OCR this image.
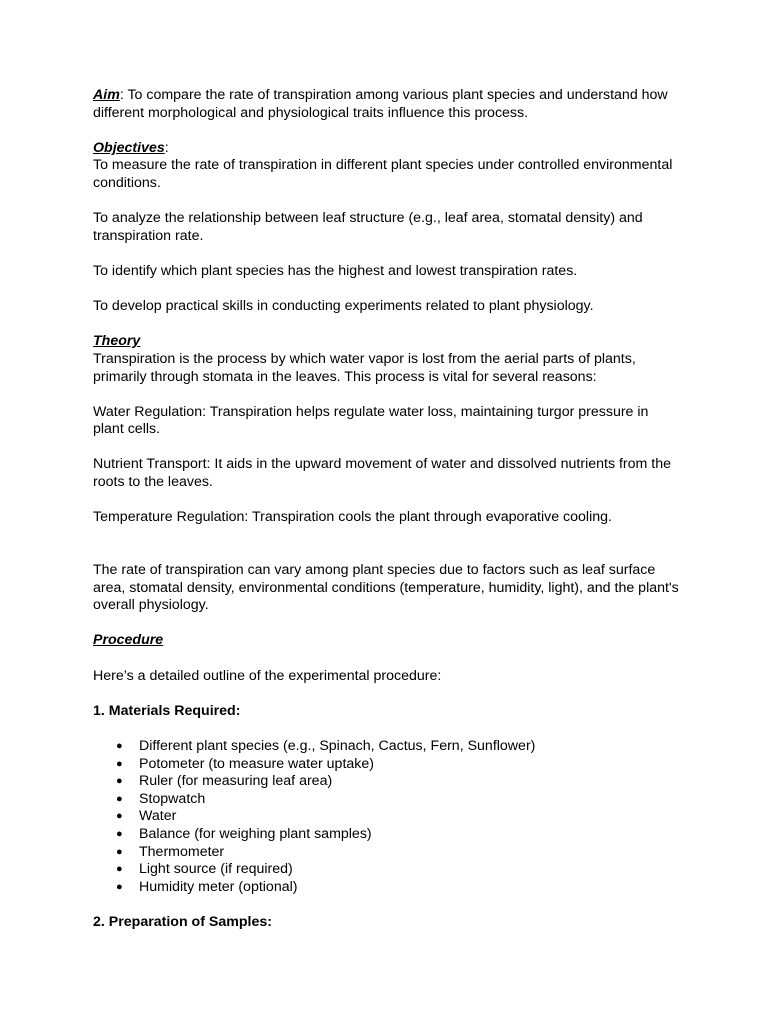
Aim: To compare the rate of transpiration among various plant species and understand how different morphological and physiological traits influence this process.

Objectives:

To measure the rate of transpiration in different plant species under controlled environmental conditions.

To analyze the relationship between leaf structure (e.g., leaf area, stomatal density) and transpiration rate.

To identify which plant species has the highest and lowest transpiration rates.

To develop practical skills in conducting experiments related to plant physiology.

Theory

Transpiration is the process by which water vapor is lost from the aerial parts of plants, primarily through stomata in the leaves. This process is vital for several reasons:

Water Regulation: Transpiration helps regulate water loss, maintaining turgor pressure in plant cells.

Nutrient Transport: It aids in the upward movement of water and dissolved nutrients from the roots to the leaves.

Temperature Regulation: Transpiration cools the plant through evaporative cooling.

The rate of transpiration can vary among plant species due to factors such as leaf surface area, stomatal density, environmental conditions (temperature, humidity, light), and the plant's overall physiology.

Procedure

Here’s a detailed outline of the experimental procedure:

1. Materials Required:

● Different plant species (e.g., Spinach, Cactus, Fern, Sunflower)
● Potometer (to measure water uptake)
● Ruler (for measuring leaf area)
● Stopwatch
● Water
● Balance (for weighing plant samples)
● Thermometer
● Light source (if required)
● Humidity meter (optional)

2. Preparation of Samples:
